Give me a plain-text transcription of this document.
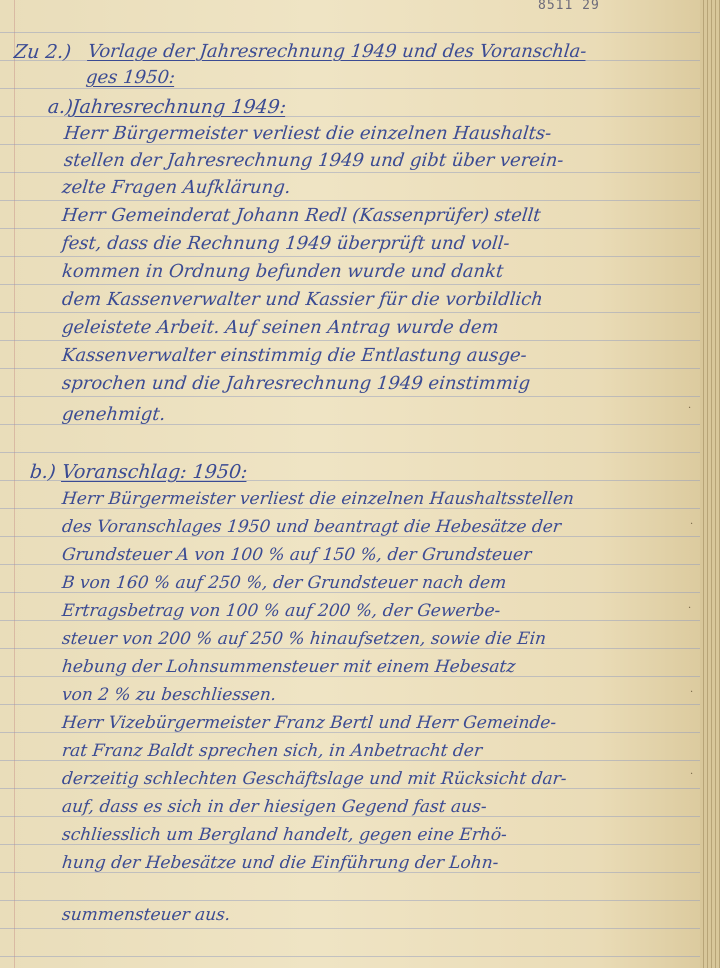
8511 29
Zu 2.) Vorlage der Jahresrechnung 1949 und des Voranschla-
ges 1950:
a.)
Jahresrechnung 1949:
Herr Bürgermeister verliest die einzelnen Haushalts-
stellen der Jahresrechnung 1949 und gibt über verein-
zelte Fragen Aufklärung.
Herr Gemeinderat Johann Redl (Kassenprüfer) stellt
fest, dass die Rechnung 1949 überprüft und voll-
kommen in Ordnung befunden wurde und dankt
dem Kassenverwalter und Kassier für die vorbildlich
geleistete Arbeit. Auf seinen Antrag wurde dem
Kassenverwalter einstimmig die Entlastung ausge-
sprochen und die Jahresrechnung 1949 einstimmig
genehmigt.
b.) Voranschlag: 1950:
Herr Bürgermeister verliest die einzelnen Haushaltsstellen
des Voranschlages 1950 und beantragt die Hebesätze der
Grundsteuer A von 100 % auf 150 %, der Grundsteuer
B von 160 % auf 250 %, der Grundsteuer nach dem
Ertragsbetrag von 100 % auf 200 %, der Gewerbe-
steuer von 200 % auf 250 % hinaufsetzen, sowie die Ein
hebung der Lohnsummensteuer mit einem Hebesatz
von 2 % zu beschliessen.
Herr Vizebürgermeister Franz Bertl und Herr Gemeinde-
rat Franz Baldt sprechen sich, in Anbetracht der
derzeitig schlechten Geschäftslage und mit Rücksicht dar-
auf, dass es sich in der hiesigen Gegend fast aus-
schliesslich um Bergland handelt, gegen eine Erhö-
hung der Hebesätze und die Einführung der Lohn-
summensteuer aus.
·
·
·
·
·
